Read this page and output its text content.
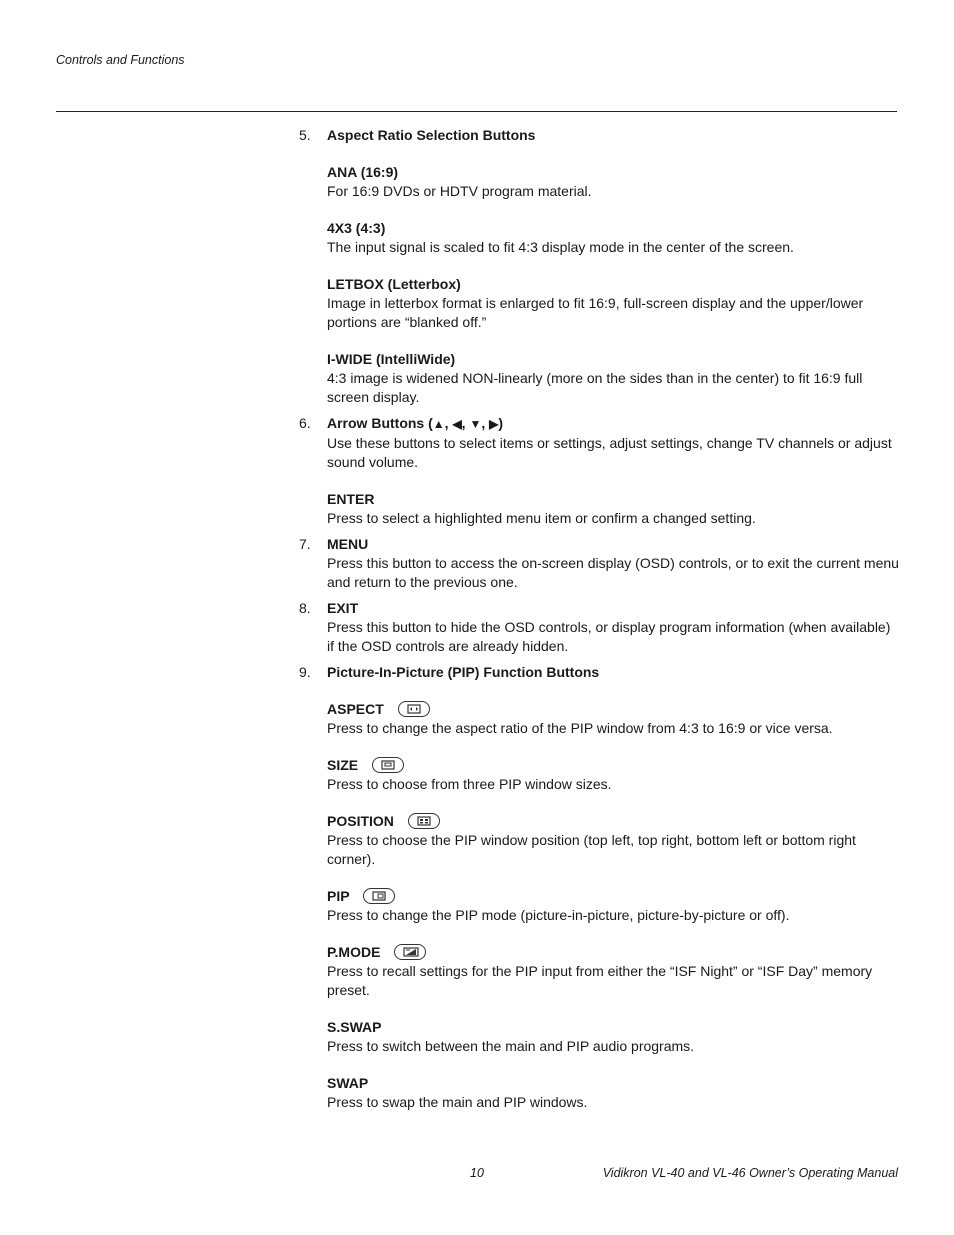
Controls and Functions
5. Aspect Ratio Selection Buttons
ANA (16:9)

For 16:9 DVDs or HDTV program material.

4X3 (4:3)

The input signal is scaled to fit 4:3 display mode in the center of the screen.

LETBOX (Letterbox)

Image in letterbox format is enlarged to fit 16:9, full-screen display and the upper/lower portions are “blanked off.”

I-WIDE (IntelliWide)

4:3 image is widened NON-linearly (more on the sides than in the center) to fit 16:9 full screen display.

6. Arrow Buttons (▲, ◀, ▼, ▶)

Use these buttons to select items or settings, adjust settings, change TV channels or adjust sound volume.

ENTER

Press to select a highlighted menu item or confirm a changed setting.

7. MENU

Press this button to access the on-screen display (OSD) controls, or to exit the current menu and return to the previous one.

8. EXIT

Press this button to hide the OSD controls, or display program information (when available) if the OSD controls are already hidden.

9. Picture-In-Picture (PIP) Function Buttons
ASPECT

Press to change the aspect ratio of the PIP window from 4:3 to 16:9 or vice versa.

SIZE

Press to choose from three PIP window sizes.

POSITION

Press to choose the PIP window position (top left, top right, bottom left or bottom right corner).

PIP

Press to change the PIP mode (picture-in-picture, picture-by-picture or off).

P.MODE

Press to recall settings for the PIP input from either the “ISF Night” or “ISF Day” memory preset.

S.SWAP

Press to switch between the main and PIP audio programs.

SWAP

Press to swap the main and PIP windows.

10	Vidikron VL-40 and VL-46 Owner’s Operating Manual
